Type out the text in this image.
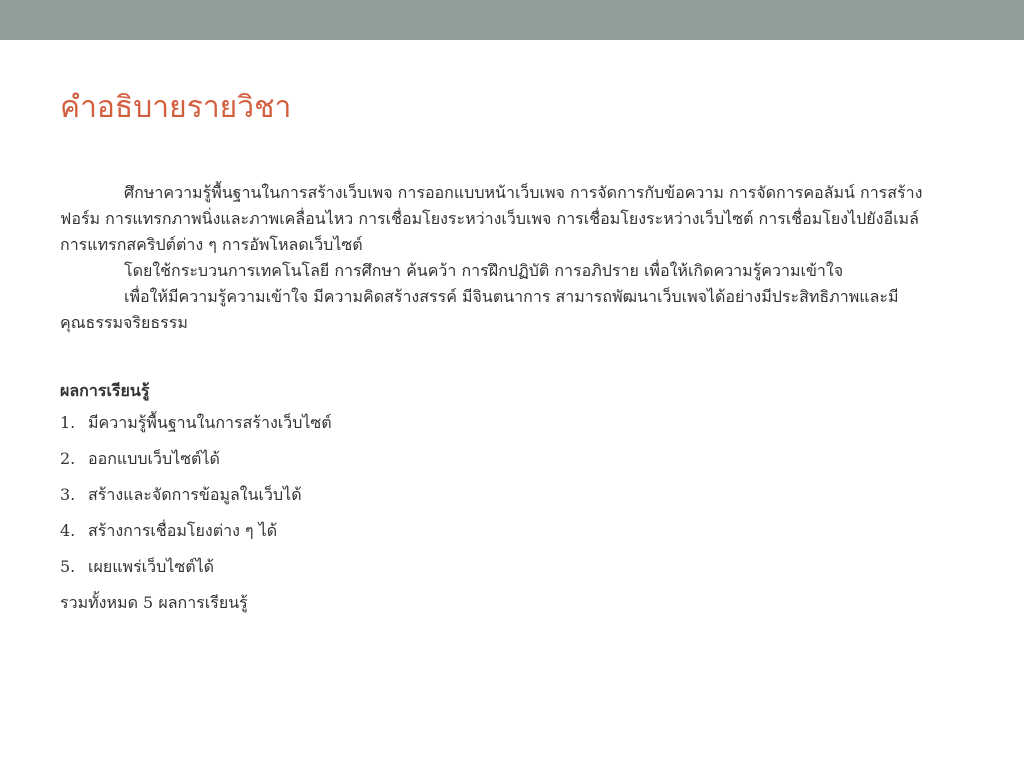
คำอธิบายรายวิชา

ศึกษาความรู้พื้นฐานในการสร้างเว็บเพจ การออกแบบหน้าเว็บเพจ การจัดการกับข้อความ การจัดการคอลัมน์ การสร้างฟอร์ม การแทรกภาพนิ่งและภาพเคลื่อนไหว การเชื่อมโยงระหว่างเว็บเพจ การเชื่อมโยงระหว่างเว็บไซต์ การเชื่อมโยงไปยังอีเมล์ การแทรกสคริปต์ต่าง ๆ การอัพโหลดเว็บไซต์

โดยใช้กระบวนการเทคโนโลยี การศึกษา ค้นคว้า การฝึกปฏิบัติ การอภิปราย เพื่อให้เกิดความรู้ความเข้าใจ

เพื่อให้มีความรู้ความเข้าใจ มีความคิดสร้างสรรค์ มีจินตนาการ สามารถพัฒนาเว็บเพจได้อย่างมีประสิทธิภาพและมีคุณธรรมจริยธรรม

ผลการเรียนรู้
1. มีความรู้พื้นฐานในการสร้างเว็บไซต์
2. ออกแบบเว็บไซต์ได้
3. สร้างและจัดการข้อมูลในเว็บได้
4. สร้างการเชื่อมโยงต่าง ๆ ได้
5. เผยแพร่เว็บไซต์ได้

รวมทั้งหมด 5 ผลการเรียนรู้
